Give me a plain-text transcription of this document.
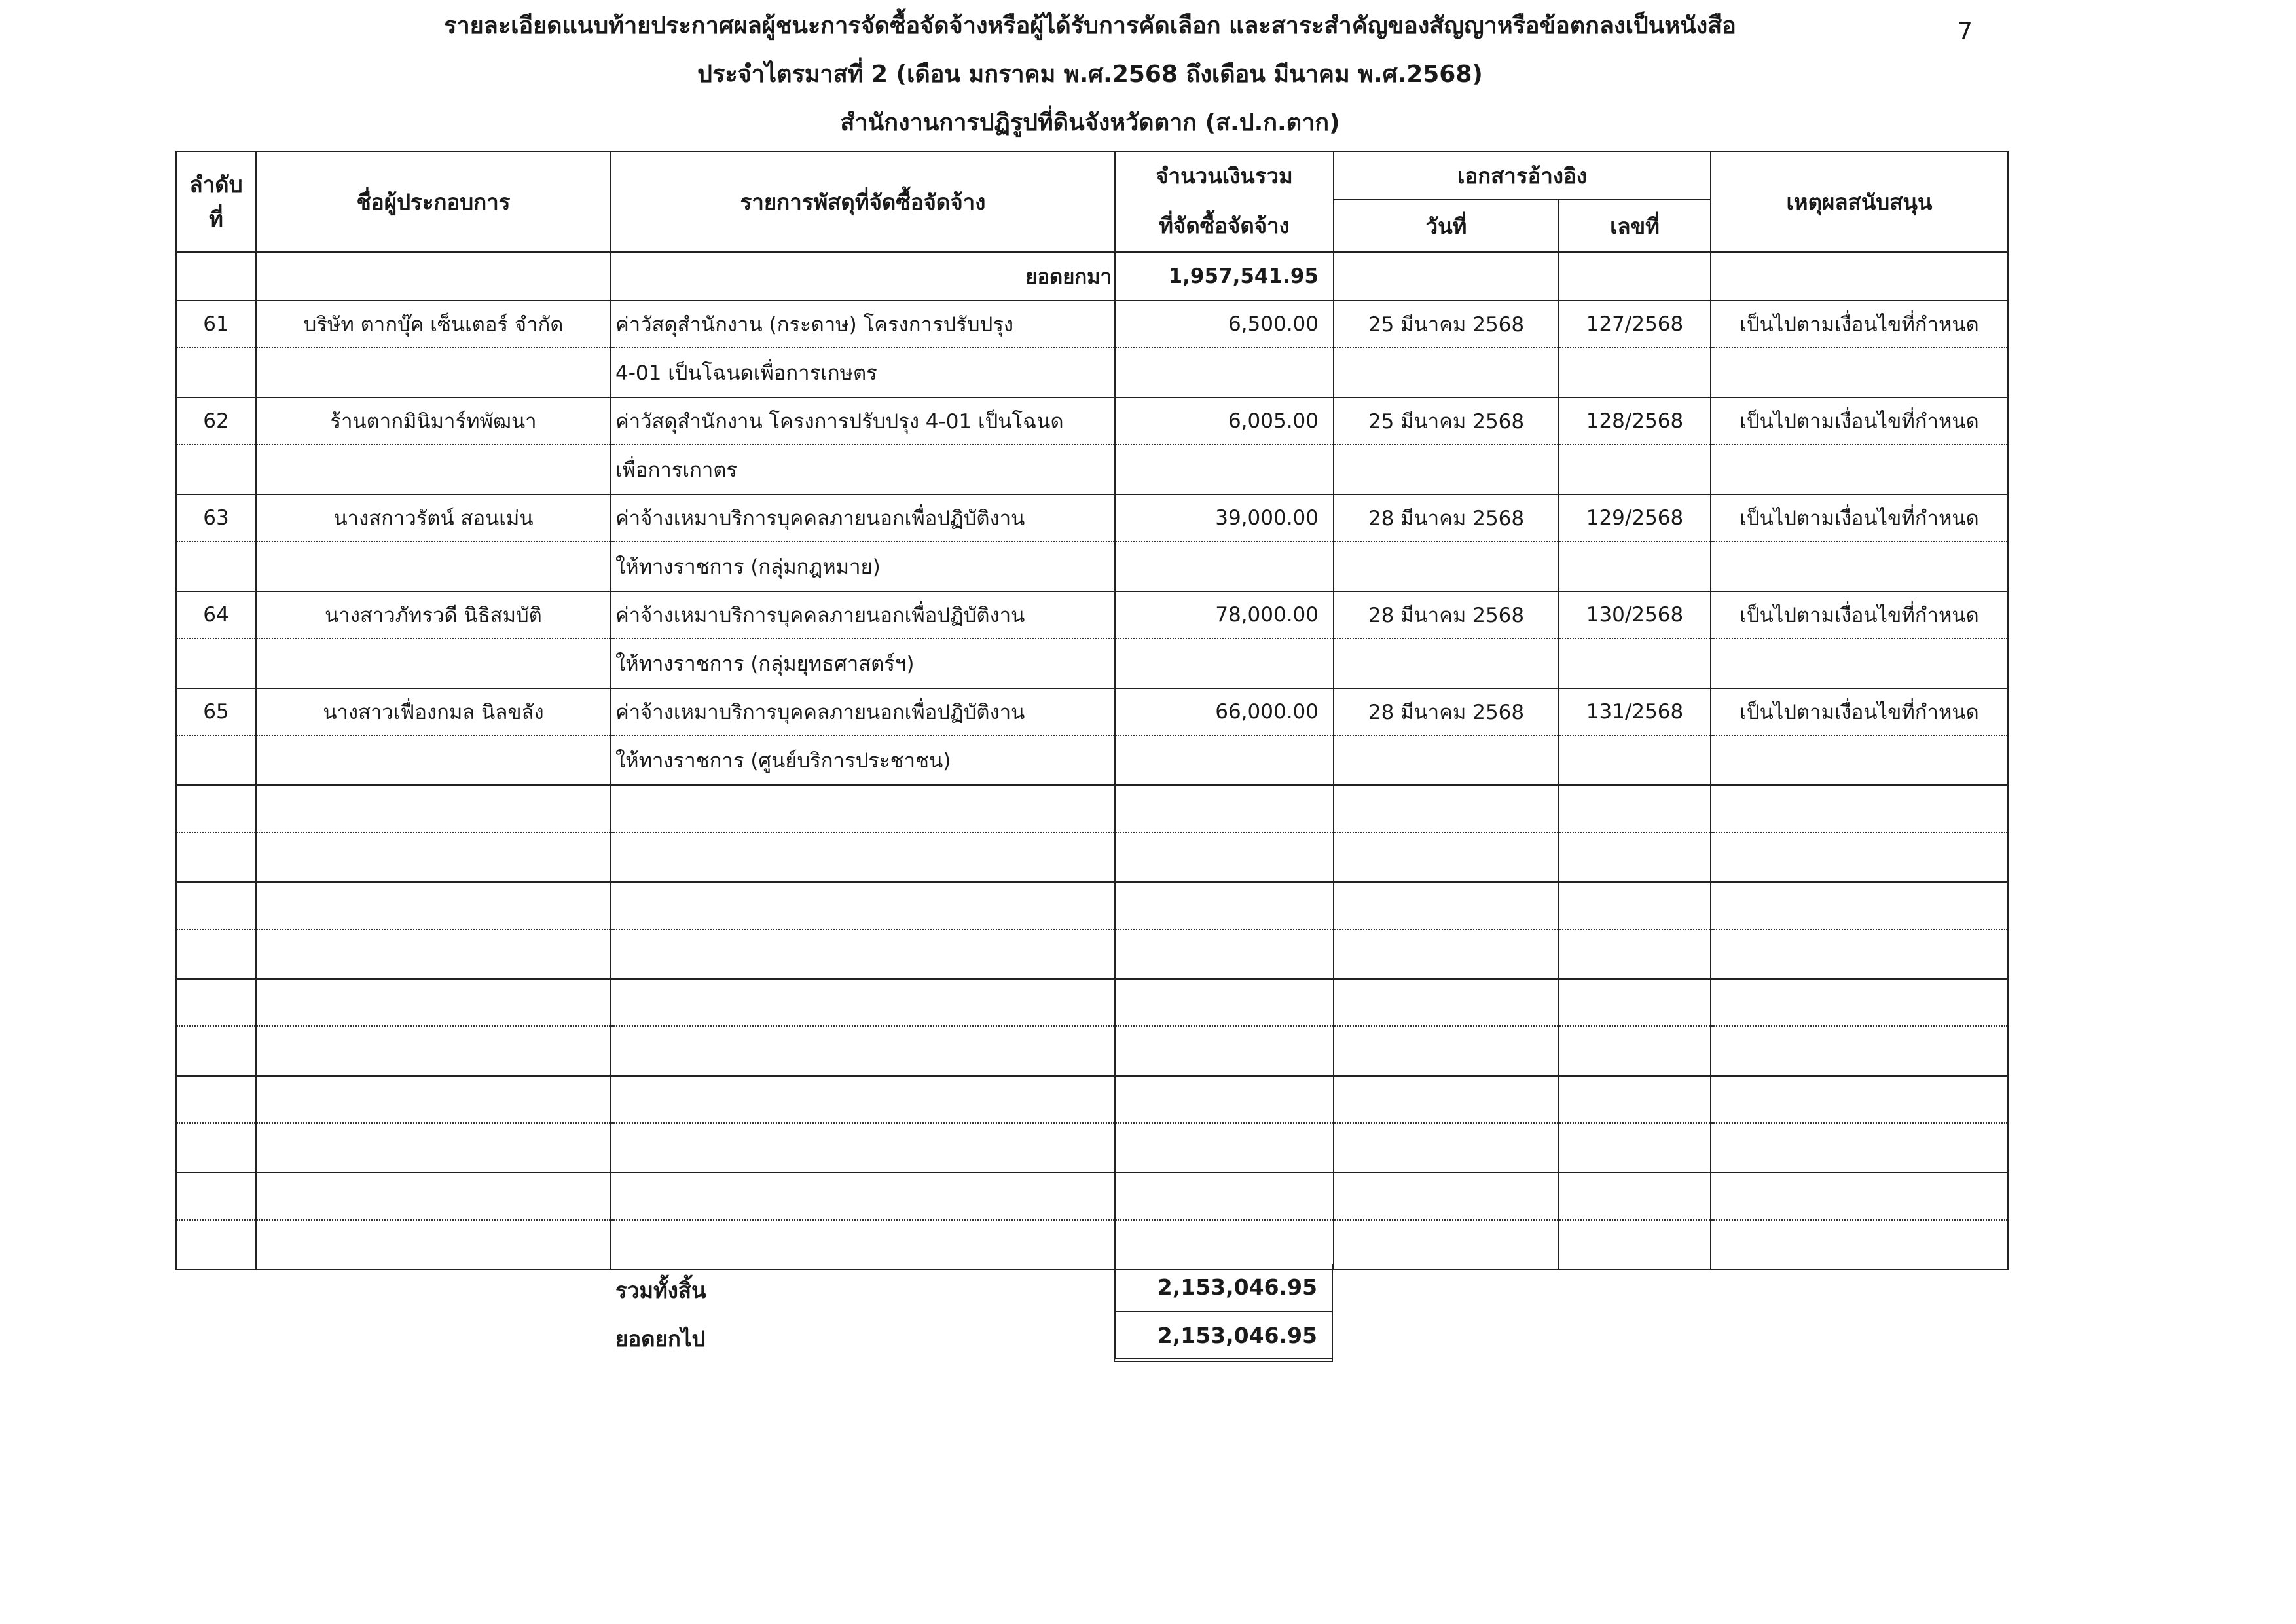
รายละเอียดแนบท้ายประกาศผลผู้ชนะการจัดซื้อจัดจ้างหรือผู้ได้รับการคัดเลือก และสาระสำคัญของสัญญาหรือข้อตกลงเป็นหนังสือ
ประจำไตรมาสที่ 2 (เดือน มกราคม พ.ศ.2568 ถึงเดือน มีนาคม พ.ศ.2568)
สำนักงานการปฏิรูปที่ดินจังหวัดตาก (ส.ป.ก.ตาก)
7
ลำดับ
ที่	ชื่อผู้ประกอบการ	รายการพัสดุที่จัดซื้อจัดจ้าง	จำนวนเงินรวม	เอกสารอ้างอิง		เหตุผลสนับสนุน
			ที่จัดซื้อจัดจ้าง	วันที่	เลขที่	
		ยอดยกมา	1,957,541.95			
61	บริษัท ตากบุ๊ค เซ็นเตอร์ จำกัด	ค่าวัสดุสำนักงาน (กระดาษ) โครงการปรับปรุง	6,500.00	25 มีนาคม 2568	127/2568	เป็นไปตามเงื่อนไขที่กำหนด
		4-01 เป็นโฉนดเพื่อการเกษตร				
62	ร้านตากมินิมาร์ทพัฒนา	ค่าวัสดุสำนักงาน โครงการปรับปรุง 4-01 เป็นโฉนด	6,005.00	25 มีนาคม 2568	128/2568	เป็นไปตามเงื่อนไขที่กำหนด
		เพื่อการเกาตร				
63	นางสกาวรัตน์ สอนเม่น	ค่าจ้างเหมาบริการบุคคลภายนอกเพื่อปฏิบัติงาน	39,000.00	28 มีนาคม 2568	129/2568	เป็นไปตามเงื่อนไขที่กำหนด
		ให้ทางราชการ (กลุ่มกฎหมาย)				
64	นางสาวภัทรวดี นิธิสมบัติ	ค่าจ้างเหมาบริการบุคคลภายนอกเพื่อปฏิบัติงาน	78,000.00	28 มีนาคม 2568	130/2568	เป็นไปตามเงื่อนไขที่กำหนด
		ให้ทางราชการ (กลุ่มยุทธศาสตร์ฯ)				
65	นางสาวเฟื่องกมล นิลขลัง	ค่าจ้างเหมาบริการบุคคลภายนอกเพื่อปฏิบัติงาน	66,000.00	28 มีนาคม 2568	131/2568	เป็นไปตามเงื่อนไขที่กำหนด
		ให้ทางราชการ (ศูนย์บริการประชาชน)				

รวมทั้งสิ้น	2,153,046.95
ยอดยกไป	2,153,046.95
